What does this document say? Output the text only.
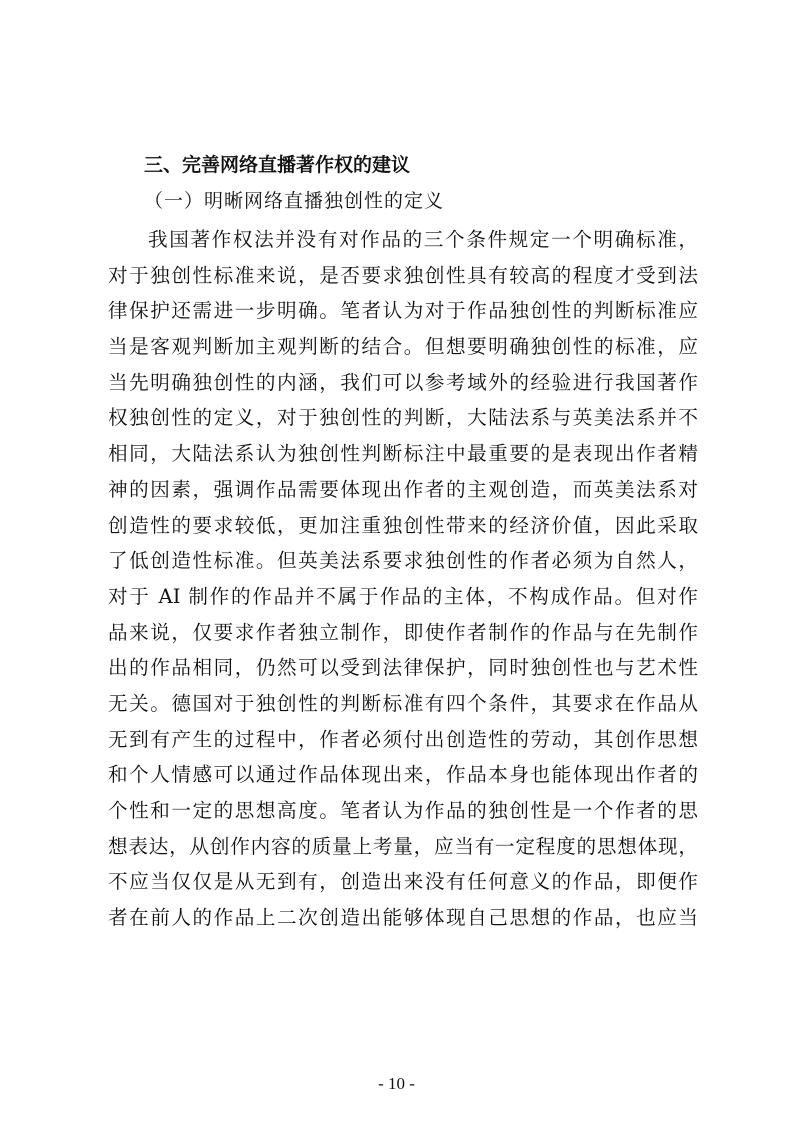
三、完善网络直播著作权的建议
（一）明晰网络直播独创性的定义
我国著作权法并没有对作品的三个条件规定一个明确标准，
对于独创性标准来说，是否要求独创性具有较高的程度才受到法
律保护还需进一步明确。笔者认为对于作品独创性的判断标准应
当是客观判断加主观判断的结合。但想要明确独创性的标准，应
当先明确独创性的内涵，我们可以参考域外的经验进行我国著作
权独创性的定义，对于独创性的判断，大陆法系与英美法系并不
相同，大陆法系认为独创性判断标注中最重要的是表现出作者精
神的因素，强调作品需要体现出作者的主观创造，而英美法系对
创造性的要求较低，更加注重独创性带来的经济价值，因此采取
了低创造性标准。但英美法系要求独创性的作者必须为自然人，
对于 AI 制作的作品并不属于作品的主体，不构成作品。但对作
品来说，仅要求作者独立制作，即使作者制作的作品与在先制作
出的作品相同，仍然可以受到法律保护，同时独创性也与艺术性
无关。德国对于独创性的判断标准有四个条件，其要求在作品从
无到有产生的过程中，作者必须付出创造性的劳动，其创作思想
和个人情感可以通过作品体现出来，作品本身也能体现出作者的
个性和一定的思想高度。笔者认为作品的独创性是一个作者的思
想表达，从创作内容的质量上考量，应当有一定程度的思想体现，
不应当仅仅是从无到有，创造出来没有任何意义的作品，即便作
者在前人的作品上二次创造出能够体现自己思想的作品，也应当
- 10 -
